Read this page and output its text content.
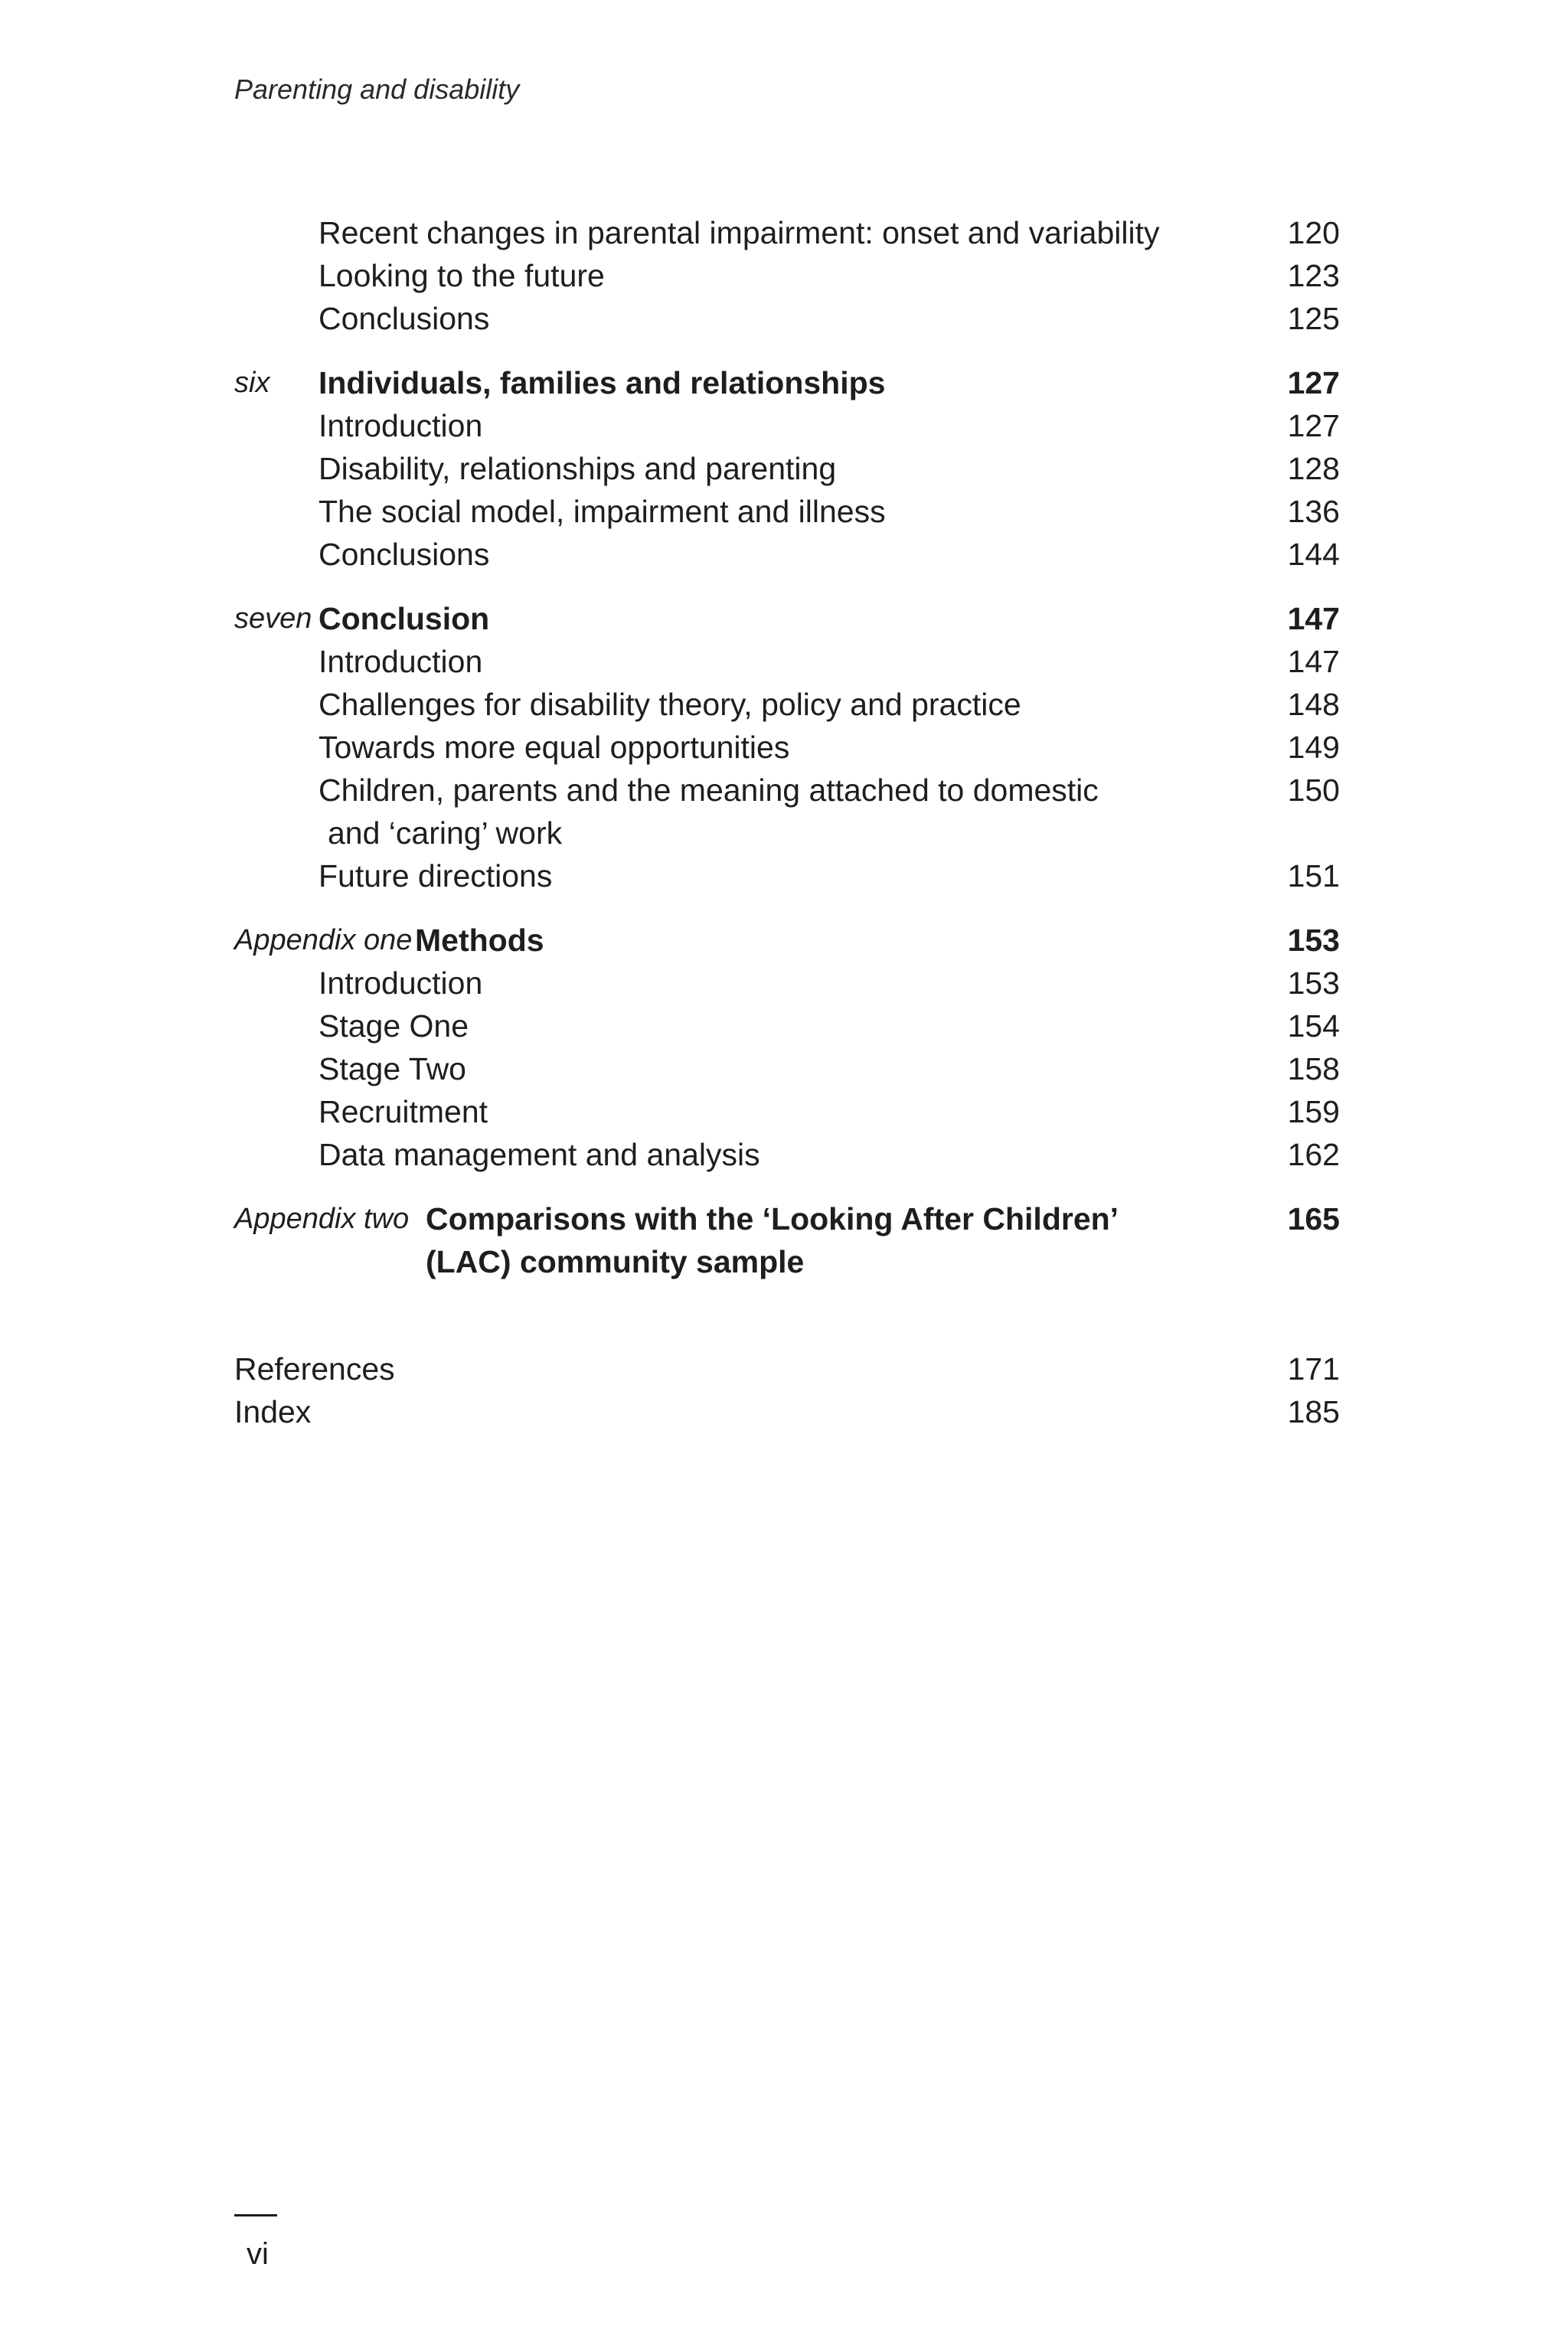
Parenting and disability
Recent changes in parental impairment: onset and variability	120
Looking to the future	123
Conclusions	125
six Individuals, families and relationships	127
Introduction	127
Disability, relationships and parenting	128
The social model, impairment and illness	136
Conclusions	144
seven Conclusion	147
Introduction	147
Challenges for disability theory, policy and practice	148
Towards more equal opportunities	149
Children, parents and the meaning attached to domestic	150
and ‘caring’ work
Future directions	151
Appendix one Methods	153
Introduction	153
Stage One	154
Stage Two	158
Recruitment	159
Data management and analysis	162
Appendix two Comparisons with the ‘Looking After Children’	165
(LAC) community sample
References	171
Index	185
vi
